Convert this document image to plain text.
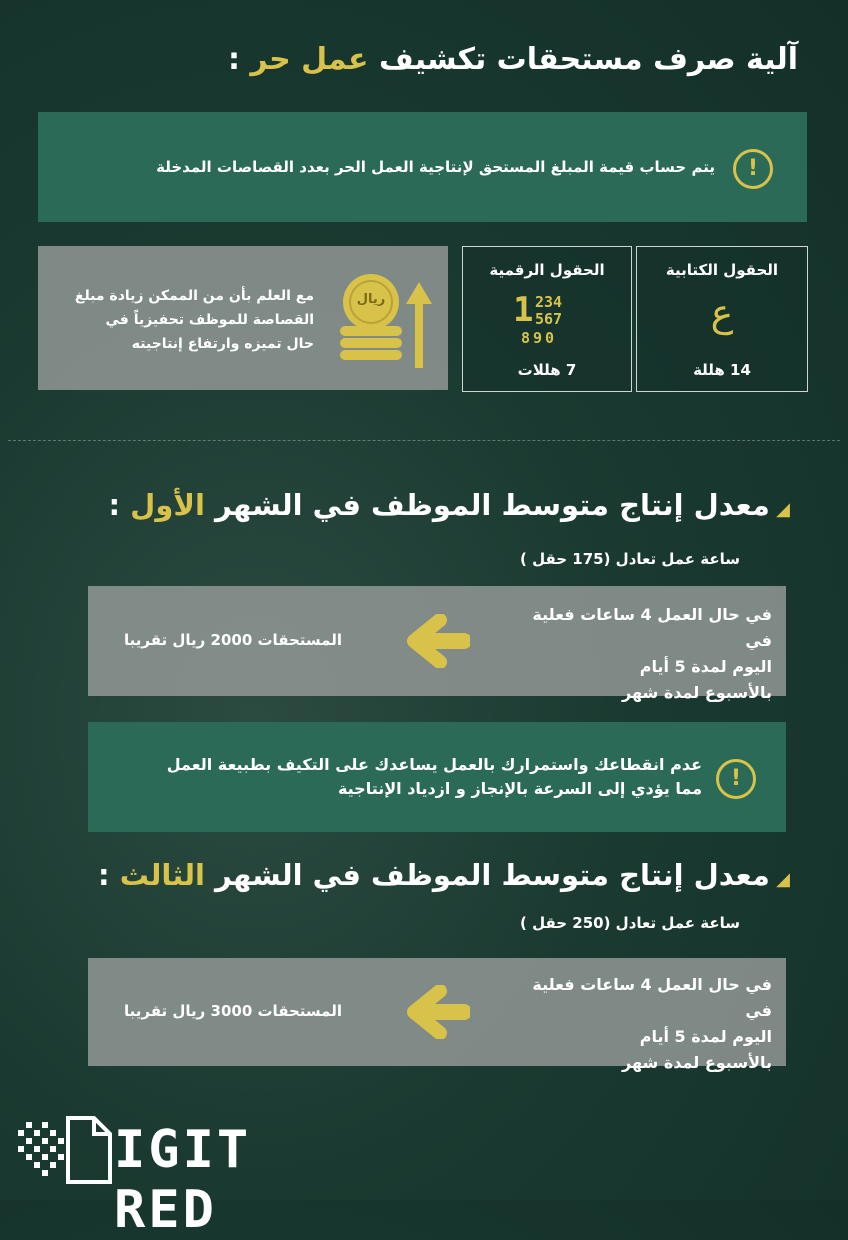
آلية صرف مستحقات تكشيف عمل حر :
!
يتم حساب قيمة المبلغ المستحق لإنتاجية العمل الحر بعدد القصاصات المدخلة
الحقول الكتابية
ع
14 هللة
الحقول الرقمية
1 234
567
890
7 هللات
ريال
مع العلم بأن من الممكن زيادة مبلغ القصاصة للموظف تحفيزياً في حال تميزه وارتفاع إنتاجيته
◢ معدل إنتاج متوسط الموظف في الشهر الأول :
ساعة عمل تعادل (175 حقل )
في حال العمل 4 ساعات فعلية في
اليوم لمدة 5 أيام
بالأسبوع لمدة شهر
المستحقات 2000 ريال تقريبا
!
عدم انقطاعك واستمرارك بالعمل يساعدك على التكيف بطبيعة العمل
مما يؤدي إلى السرعة بالإنجاز و ازدياد الإنتاجية
◢ معدل إنتاج متوسط الموظف في الشهر الثالث :
ساعة عمل تعادل (250 حقل )
في حال العمل 4 ساعات فعلية في
اليوم لمدة 5 أيام
بالأسبوع لمدة شهر
المستحقات 3000 ريال تقريبا
IGIT RED
